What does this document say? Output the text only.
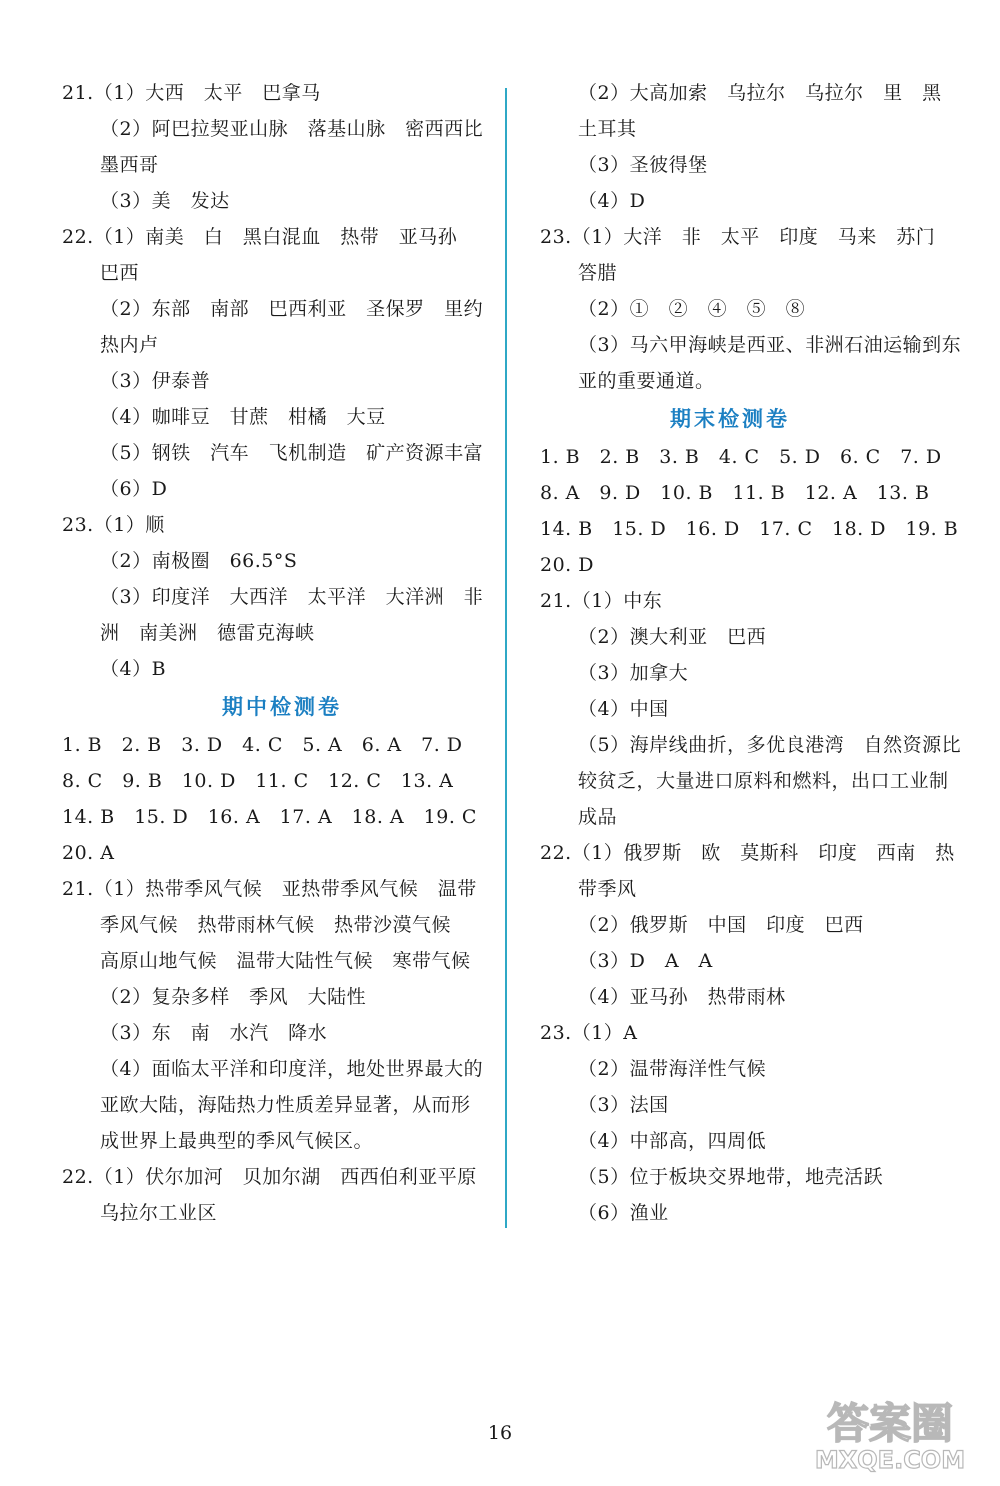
21.（1）大西　太平　巴拿马
（2）阿巴拉契亚山脉　落基山脉　密西西比
墨西哥
（3）美　发达
22.（1）南美　白　黑白混血　热带　亚马孙
巴西
（2）东部　南部　巴西利亚　圣保罗　里约
热内卢
（3）伊泰普
（4）咖啡豆　甘蔗　柑橘　大豆
（5）钢铁　汽车　飞机制造　矿产资源丰富
（6）D
23.（1）顺
（2）南极圈　66.5°S
（3）印度洋　大西洋　太平洋　大洋洲　非
洲　南美洲　德雷克海峡
（4）B
期中检测卷
1. B　2. B　3. D　4. C　5. A　6. A　7. D
8. C　9. B　10. D　11. C　12. C　13. A
14. B　15. D　16. A　17. A　18. A　19. C
20. A
21.（1）热带季风气候　亚热带季风气候　温带
季风气候　热带雨林气候　热带沙漠气候
高原山地气候　温带大陆性气候　寒带气候
（2）复杂多样　季风　大陆性
（3）东　南　水汽　降水
（4）面临太平洋和印度洋，地处世界最大的
亚欧大陆，海陆热力性质差异显著，从而形
成世界上最典型的季风气候区。
22.（1）伏尔加河　贝加尔湖　西西伯利亚平原
乌拉尔工业区
（2）大高加索　乌拉尔　乌拉尔　里　黑
土耳其
（3）圣彼得堡
（4）D
23.（1）大洋　非　太平　印度　马来　苏门
答腊
（2）①　②　④　⑤　⑧
（3）马六甲海峡是西亚、非洲石油运输到东
亚的重要通道。
期末检测卷
1. B　2. B　3. B　4. C　5. D　6. C　7. D
8. A　9. D　10. B　11. B　12. A　13. B
14. B　15. D　16. D　17. C　18. D　19. B
20. D
21.（1）中东
（2）澳大利亚　巴西
（3）加拿大
（4）中国
（5）海岸线曲折，多优良港湾　自然资源比
较贫乏，大量进口原料和燃料，出口工业制
成品
22.（1）俄罗斯　欧　莫斯科　印度　西南　热
带季风
（2）俄罗斯　中国　印度　巴西
（3）D　A　A
（4）亚马孙　热带雨林
23.（1）A
（2）温带海洋性气候
（3）法国
（4）中部高，四周低
（5）位于板块交界地带，地壳活跃
（6）渔业
16	答案圈
MXQE.COM
